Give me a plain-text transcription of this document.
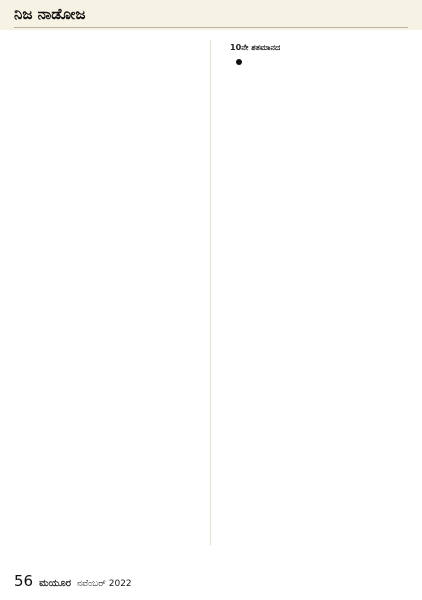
ನಿಜ ನಾಡೋಜ

10ನೇ ಶತಮಾನದ

56 ಮಯೂರ ನವೆಂಬರ್ 2022
